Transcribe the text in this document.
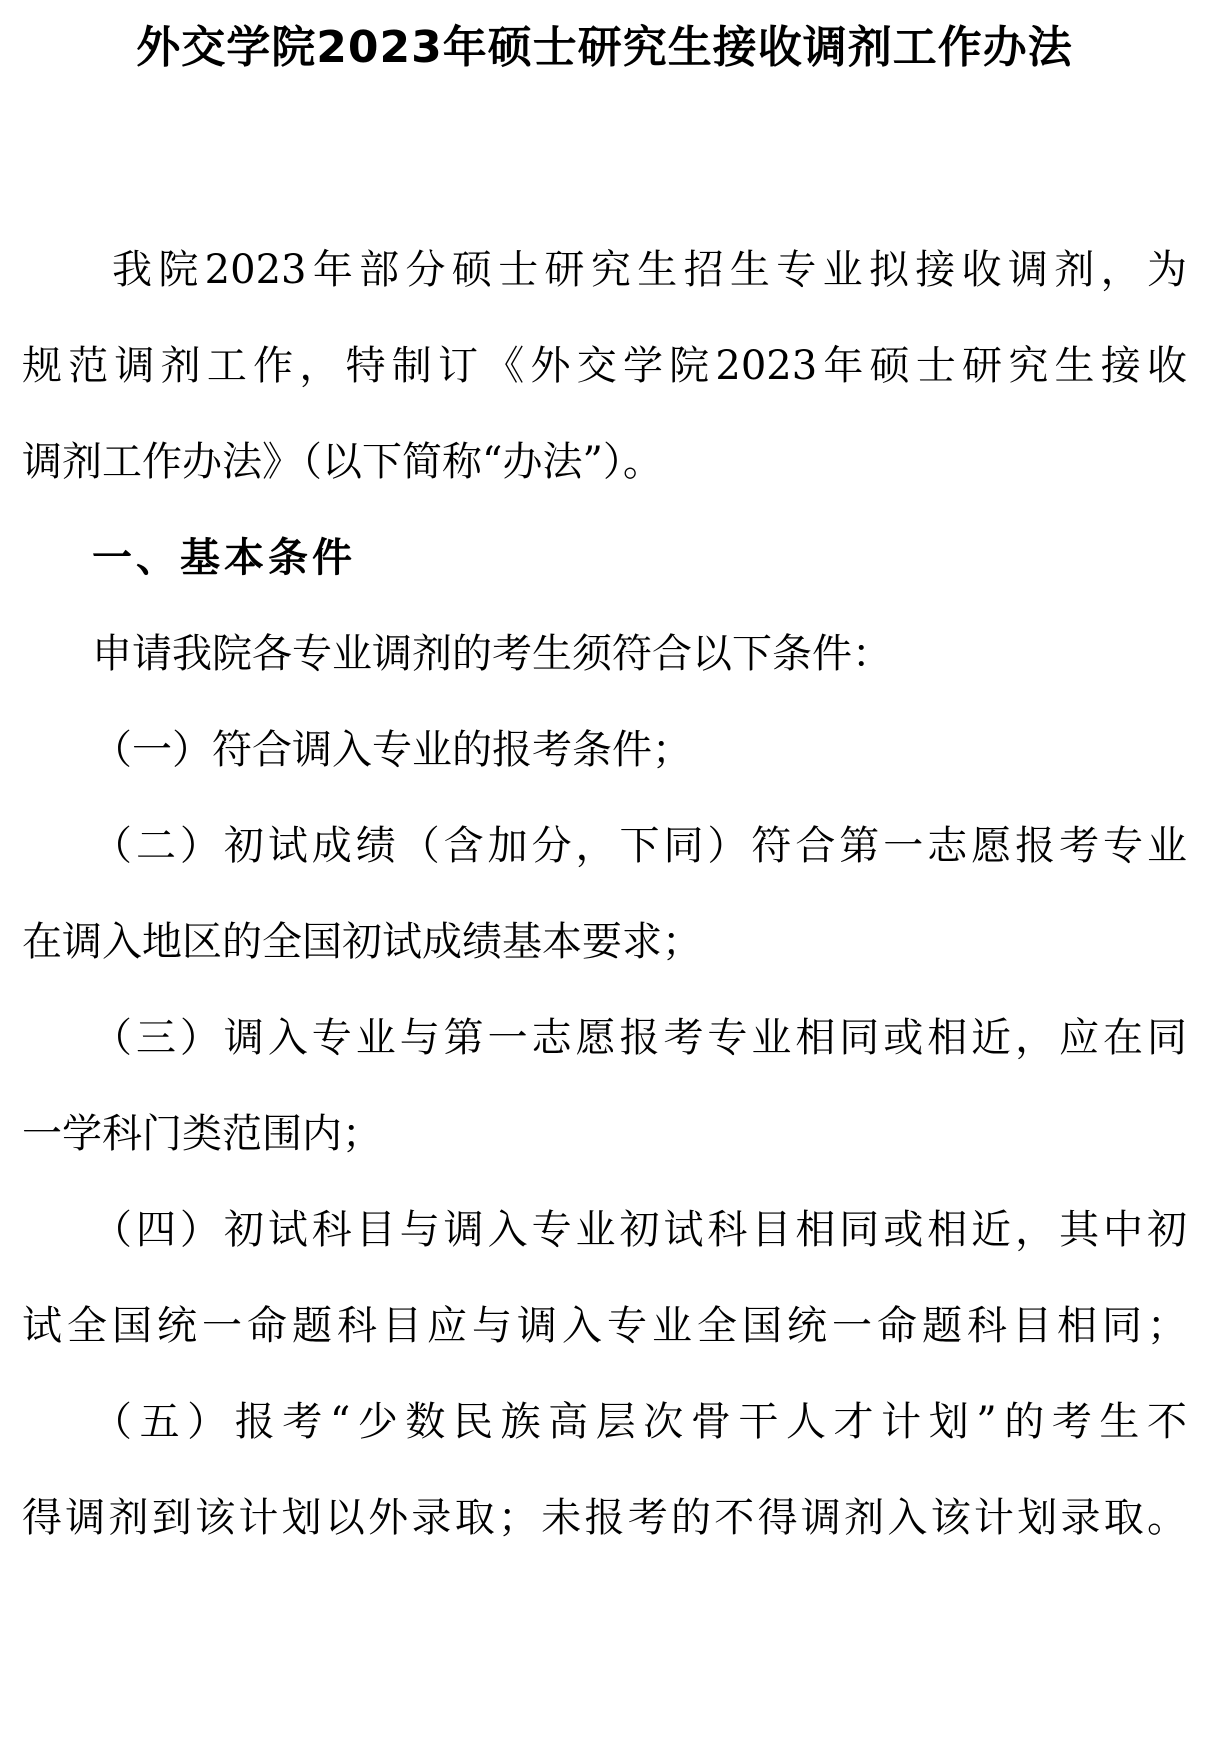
外交学院2023年硕士研究生接收调剂工作办法
我院2023年部分硕士研究生招生专业拟接收调剂，为
规范调剂工作，特制订《外交学院2023年硕士研究生接收
调剂工作办法》（以下简称“办法”）。
一、基本条件
申请我院各专业调剂的考生须符合以下条件：
（一）符合调入专业的报考条件；
（二）初试成绩（含加分，下同）符合第一志愿报考专业
在调入地区的全国初试成绩基本要求；
（三）调入专业与第一志愿报考专业相同或相近，应在同
一学科门类范围内；
（四）初试科目与调入专业初试科目相同或相近，其中初
试全国统一命题科目应与调入专业全国统一命题科目相同；
（五）报考“少数民族高层次骨干人才计划”的考生不
得调剂到该计划以外录取；未报考的不得调剂入该计划录取。
